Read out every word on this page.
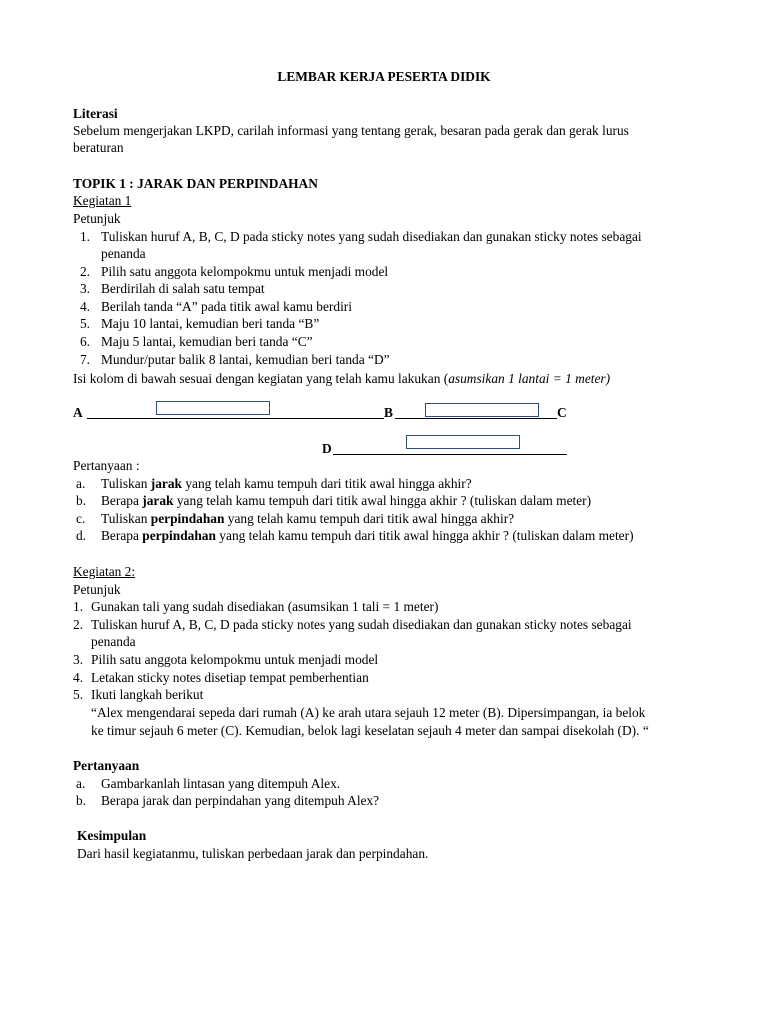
LEMBAR KERJA PESERTA DIDIK
Literasi
Sebelum mengerjakan LKPD, carilah informasi yang tentang gerak, besaran pada gerak dan gerak lurus
beraturan
TOPIK 1 : JARAK DAN PERPINDAHAN
Kegiatan 1
Petunjuk
1. Tuliskan huruf A, B, C, D pada sticky notes yang sudah disediakan dan gunakan sticky notes sebagai
penanda
2. Pilih satu anggota kelompokmu untuk menjadi model
3. Berdirilah di salah satu tempat
4. Berilah tanda “A” pada titik awal kamu berdiri
5. Maju 10 lantai, kemudian beri tanda “B”
6. Maju 5 lantai, kemudian beri tanda “C”
7. Mundur/putar balik 8 lantai, kemudian beri tanda “D”
Isi kolom di bawah sesuai dengan kegiatan yang telah kamu lakukan (asumsikan 1 lantai = 1 meter)
A	B	C
D
Pertanyaan :
a. Tuliskan jarak yang telah kamu tempuh dari titik awal hingga akhir?
b. Berapa jarak yang telah kamu tempuh dari titik awal hingga akhir ? (tuliskan dalam meter)
c. Tuliskan perpindahan yang telah kamu tempuh dari titik awal hingga akhir?
d. Berapa perpindahan yang telah kamu tempuh dari titik awal hingga akhir ? (tuliskan dalam meter)
Kegiatan 2:
Petunjuk
1. Gunakan tali yang sudah disediakan (asumsikan 1 tali = 1 meter)
2. Tuliskan huruf A, B, C, D pada sticky notes yang sudah disediakan dan gunakan sticky notes sebagai
penanda
3. Pilih satu anggota kelompokmu untuk menjadi model
4. Letakan sticky notes disetiap tempat pemberhentian
5. Ikuti langkah berikut
“Alex mengendarai sepeda dari rumah (A) ke arah utara sejauh 12 meter (B). Dipersimpangan, ia belok
ke timur sejauh 6 meter (C). Kemudian, belok lagi keselatan sejauh 4 meter dan sampai disekolah (D). “
Pertanyaan
a. Gambarkanlah lintasan yang ditempuh Alex.
b. Berapa jarak dan perpindahan yang ditempuh Alex?
Kesimpulan
Dari hasil kegiatanmu, tuliskan perbedaan jarak dan perpindahan.
